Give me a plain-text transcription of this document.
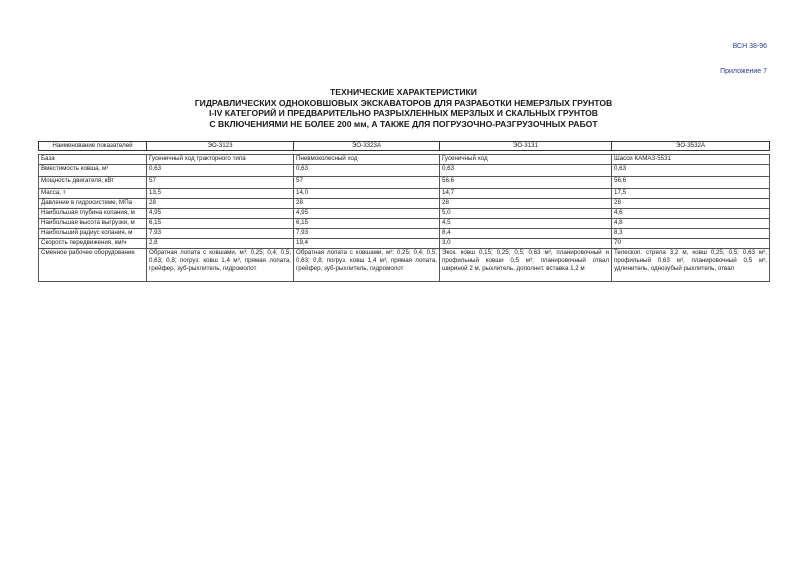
ВСН 38-96
Приложение 7
ТЕХНИЧЕСКИЕ ХАРАКТЕРИСТИКИ
ГИДРАВЛИЧЕСКИХ ОДНОКОВШОВЫХ ЭКСКАВАТОРОВ ДЛЯ РАЗРАБОТКИ НЕМЕРЗЛЫХ ГРУНТОВ
I-IV КАТЕГОРИЙ И ПРЕДВАРИТЕЛЬНО РАЗРЫХЛЕННЫХ МЕРЗЛЫХ И СКАЛЬНЫХ ГРУНТОВ
С ВКЛЮЧЕНИЯМИ НЕ БОЛЕЕ 200 мм, А ТАКЖЕ ДЛЯ ПОГРУЗОЧНО-РАЗГРУЗОЧНЫХ РАБОТ
Наименование показателей	ЭО-3123	ЭО-3323А	ЭО-3131	ЭО-3532А

База	Гусеничный ход тракторного типа	Пневмоколесный ход	Гусеничный ход	Шасси КАМАЗ-5531
Вместимость ковша, м³	0,63	0,63	0,63	0,63
Мощность двигателя, кВт	57	57	56,6	56,6
Масса, т	13,5	14,0	14,7	17,5
Давление в гидросистеме, МПа	28	28	28	28
Наибольшая глубина копания, м	4,95	4,95	5,0	4,6
Наибольшая высота выгрузки, м	6,15	6,15	4,5	4,8
Наибольший радиус копания, м	7,93	7,93	8,4	8,3
Скорость передвижения, км/ч	2,8	19,4	3,0	70
Сменное рабочее оборудование	Обратная лопата с ковшами, м³: 0,25; 0,4; 0,5; 0,63; 0,8; погруз. ковш 1,4 м³, прямая лопата, грейфер, зуб-рыхлитель, гидромолот	Обратная лопата с ковшами, м³: 0,25; 0,4; 0,5; 0,63; 0,8; погруз. ковш 1,4 м³, прямая лопата, грейфер, зуб-рыхлитель, гидромолот	Экск. ковш 0,15; 0,25; 0,5; 0,63 м³, планировочный и профильный ковши 0,5 м³; планировочный отвал шириной 2 м, рыхлитель, дополнит. вставка 1,2 м	Телескоп. стрела 3,2 м, ковш 0,25; 0,5; 0,63 м³, профильный 0,63 м³, планировочный 0,5 м³, удлинитель, однозубый рыхлитель, отвал
